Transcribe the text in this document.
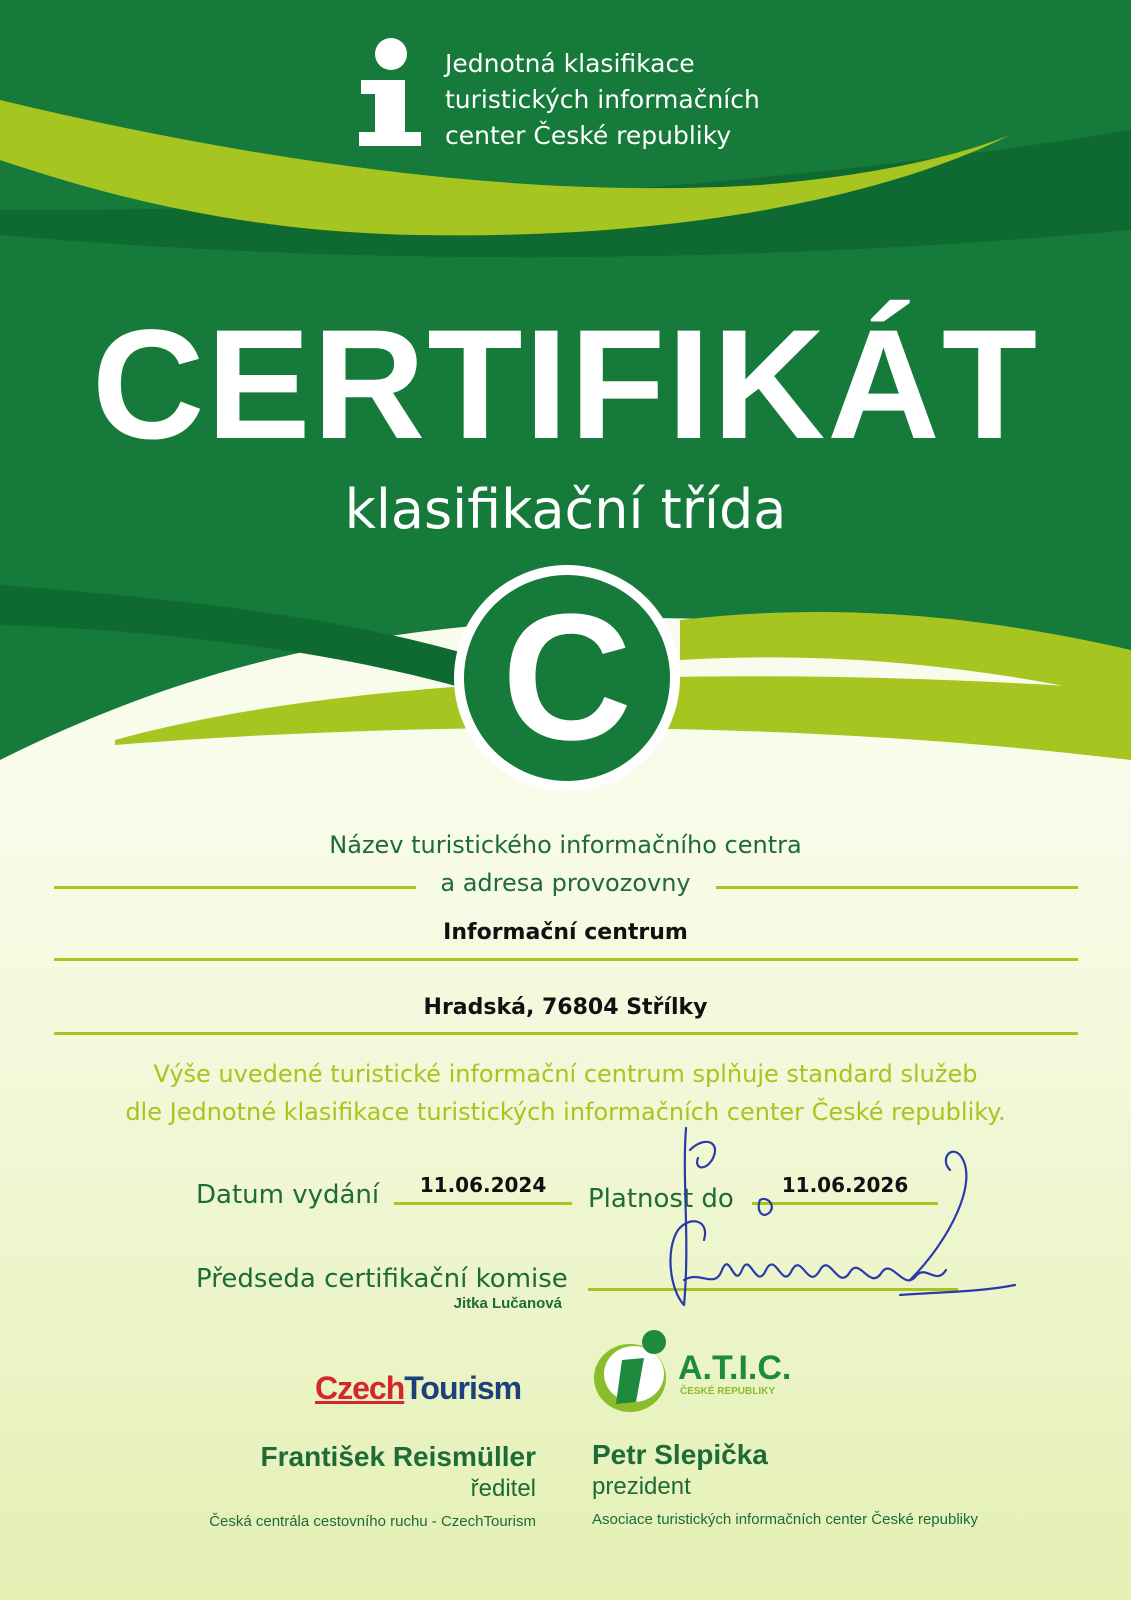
Jednotná klasifikace
turistických informačních
center České republiky
CERTIFIKÁT
klasifikační třída
C
Název turistického informačního centra
a adresa provozovny
Informační centrum
Hradská, 76804 Střílky
Výše uvedené turistické informační centrum splňuje standard služeb
dle Jednotné klasifikace turistických informačních center České republiky.
Datum vydání	11.06.2024	Platnost do	11.06.2026
Předseda certifikační komise
Jitka Lučanová
CzechTourism
A.T.I.C.
ČESKÉ REPUBLIKY
František Reismüller
ředitel
Česká centrála cestovního ruchu - CzechTourism
Petr Slepička
prezident
Asociace turistických informačních center České republiky
